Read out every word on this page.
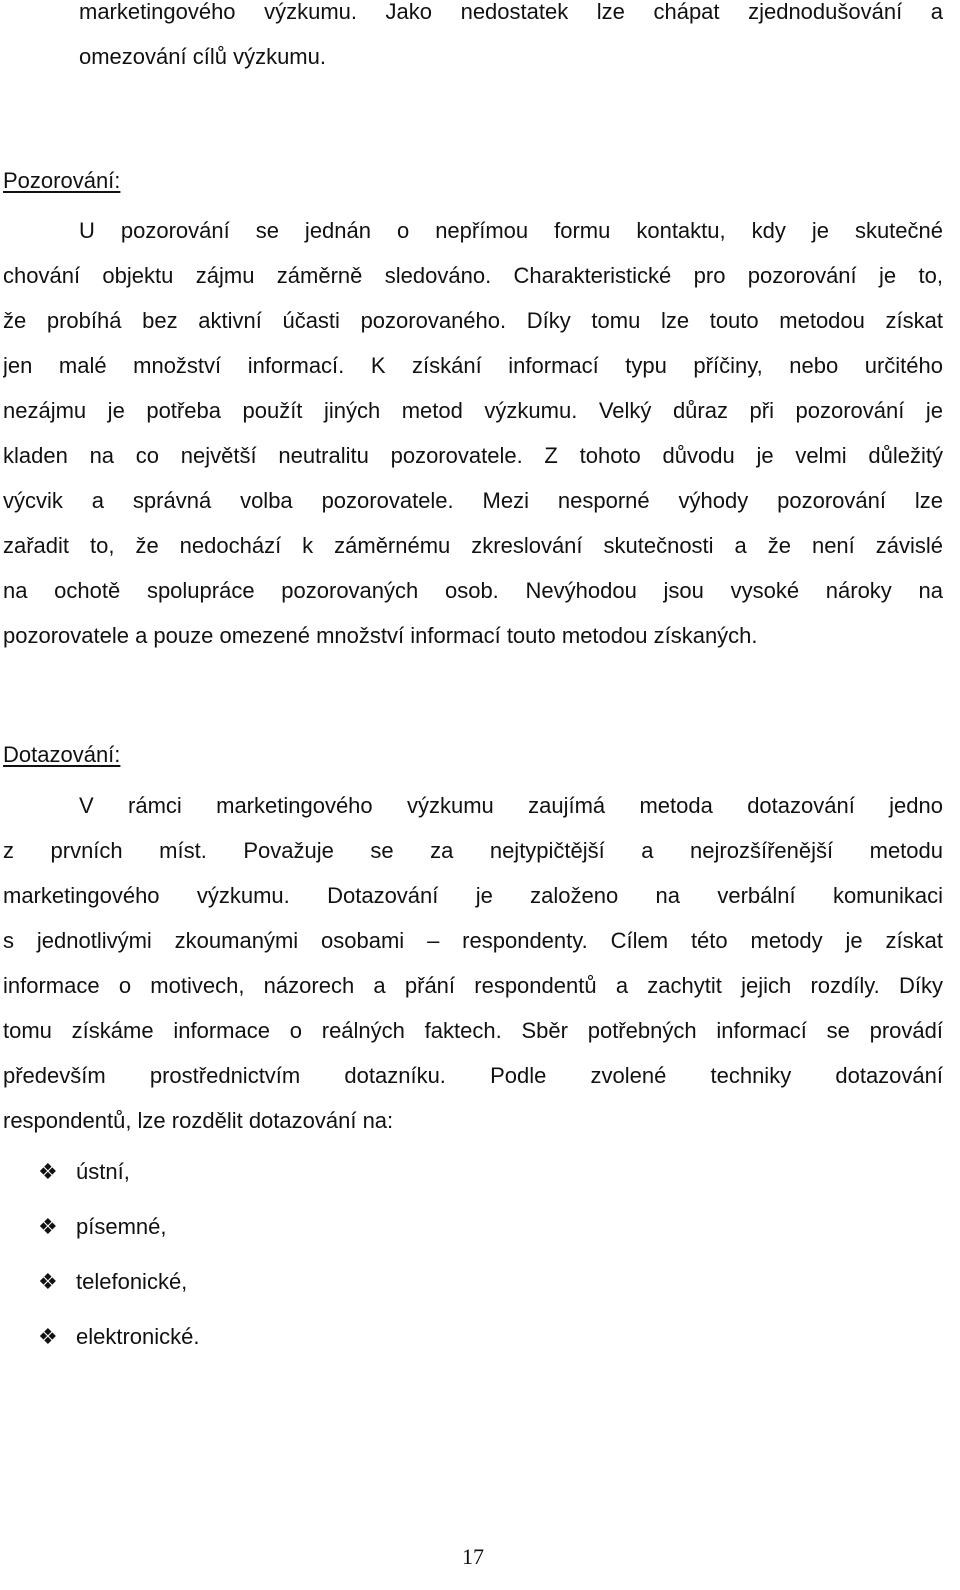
marketingového výzkumu. Jako nedostatek lze chápat zjednodušování a
omezování cílů výzkumu.
Pozorování:
U pozorování se jednán o nepřímou formu kontaktu, kdy je skutečné
chování objektu zájmu záměrně sledováno. Charakteristické pro pozorování je to,
že probíhá bez aktivní účasti pozorovaného. Díky tomu lze touto metodou získat
jen malé množství informací. K získání informací typu příčiny, nebo určitého
nezájmu je potřeba použít jiných metod výzkumu. Velký důraz při pozorování je
kladen na co největší neutralitu pozorovatele. Z tohoto důvodu je velmi důležitý
výcvik a správná volba pozorovatele. Mezi nesporné výhody pozorování lze
zařadit to, že nedochází k záměrnému zkreslování skutečnosti a že není závislé
na ochotě spolupráce pozorovaných osob. Nevýhodou jsou vysoké nároky na
pozorovatele a pouze omezené množství informací touto metodou získaných.
Dotazování:
V rámci marketingového výzkumu zaujímá metoda dotazování jedno
z prvních míst. Považuje se za nejtypičtější a nejrozšířenější metodu
marketingového výzkumu. Dotazování je založeno na verbální komunikaci
s jednotlivými zkoumanými osobami – respondenty. Cílem této metody je získat
informace o motivech, názorech a přání respondentů a zachytit jejich rozdíly. Díky
tomu získáme informace o reálných faktech. Sběr potřebných informací se provádí
především prostřednictvím dotazníku. Podle zvolené techniky dotazování
respondentů, lze rozdělit dotazování na:
❖ ústní,
❖ písemné,
❖ telefonické,
❖ elektronické.
17
